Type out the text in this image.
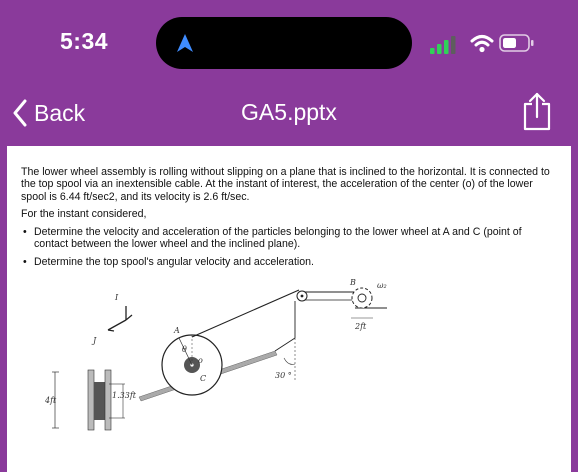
5:34
Back	GA5.pptx

The lower wheel assembly is rolling without slipping on a plane that is inclined to the horizontal. It is connected to the top spool via an inextensible cable. At the instant of interest, the acceleration of the center (o) of the lower spool is 6.44 ft/sec2, and its velocity is 2.6 ft/sec.

For the instant considered,

• Determine the velocity and acceleration of the particles belonging to the lower wheel at A and C (point of contact between the lower wheel and the inclined plane).
• Determine the top spool's angular velocity and acceleration.
I
J
4ft
1.33ft
A
C
o
θ
30 °
B	ω₂
2ft
